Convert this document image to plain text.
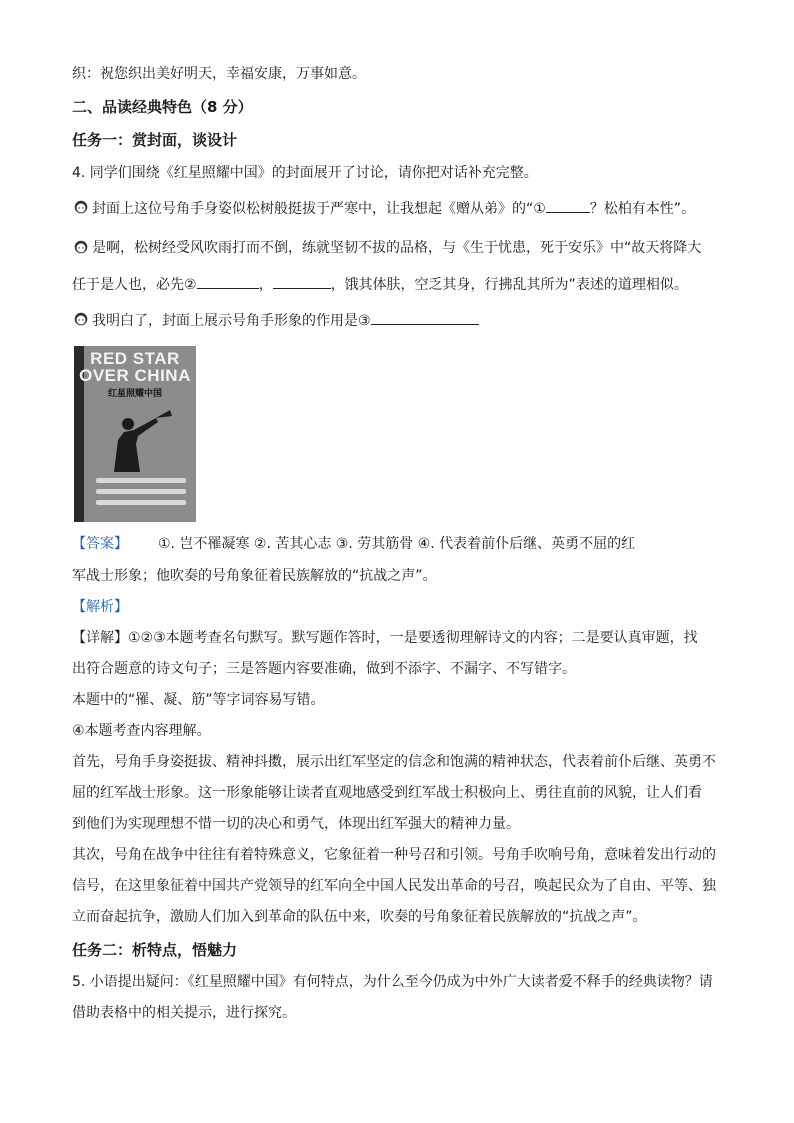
织：祝您织出美好明天，幸福安康，万事如意。
二、品读经典特色（8 分）
任务一：赏封面，谈设计
4. 同学们围绕《红星照耀中国》的封面展开了讨论，请你把对话补充完整。
封面上这位号角手身姿似松树般挺拔于严寒中，让我想起《赠从弟》的“①	？松柏有本性”。
是啊，松树经受风吹雨打而不倒，练就坚韧不拔的品格，与《生于忧患，死于安乐》中“故天将降大
任于是人也，必先②	，	，饿其体肤，空乏其身，行拂乱其所为”表述的道理相似。
我明白了，封面上展示号角手形象的作用是③
RED STAR
OVER CHINA
红星照耀中国
【答案】 ①. 岂不罹凝寒 ②. 苦其心志 ③. 劳其筋骨 ④. 代表着前仆后继、英勇不屈的红
军战士形象；他吹奏的号角象征着民族解放的“抗战之声”。
【解析】
【详解】①②③本题考查名句默写。默写题作答时，一是要透彻理解诗文的内容；二是要认真审题，找
出符合题意的诗文句子；三是答题内容要准确，做到不添字、不漏字、不写错字。
本题中的“罹、凝、筋”等字词容易写错。
④本题考查内容理解。
首先，号角手身姿挺拔、精神抖擞，展示出红军坚定的信念和饱满的精神状态，代表着前仆后继、英勇不
屈的红军战士形象。这一形象能够让读者直观地感受到红军战士积极向上、勇往直前的风貌，让人们看
到他们为实现理想不惜一切的决心和勇气，体现出红军强大的精神力量。
其次，号角在战争中往往有着特殊意义，它象征着一种号召和引领。号角手吹响号角，意味着发出行动的
信号，在这里象征着中国共产党领导的红军向全中国人民发出革命的号召，唤起民众为了自由、平等、独
立而奋起抗争，激励人们加入到革命的队伍中来，吹奏的号角象征着民族解放的“抗战之声”。
任务二：析特点，悟魅力
5. 小语提出疑问：《红星照耀中国》有何特点，为什么至今仍成为中外广大读者爱不释手的经典读物？请
借助表格中的相关提示，进行探究。
